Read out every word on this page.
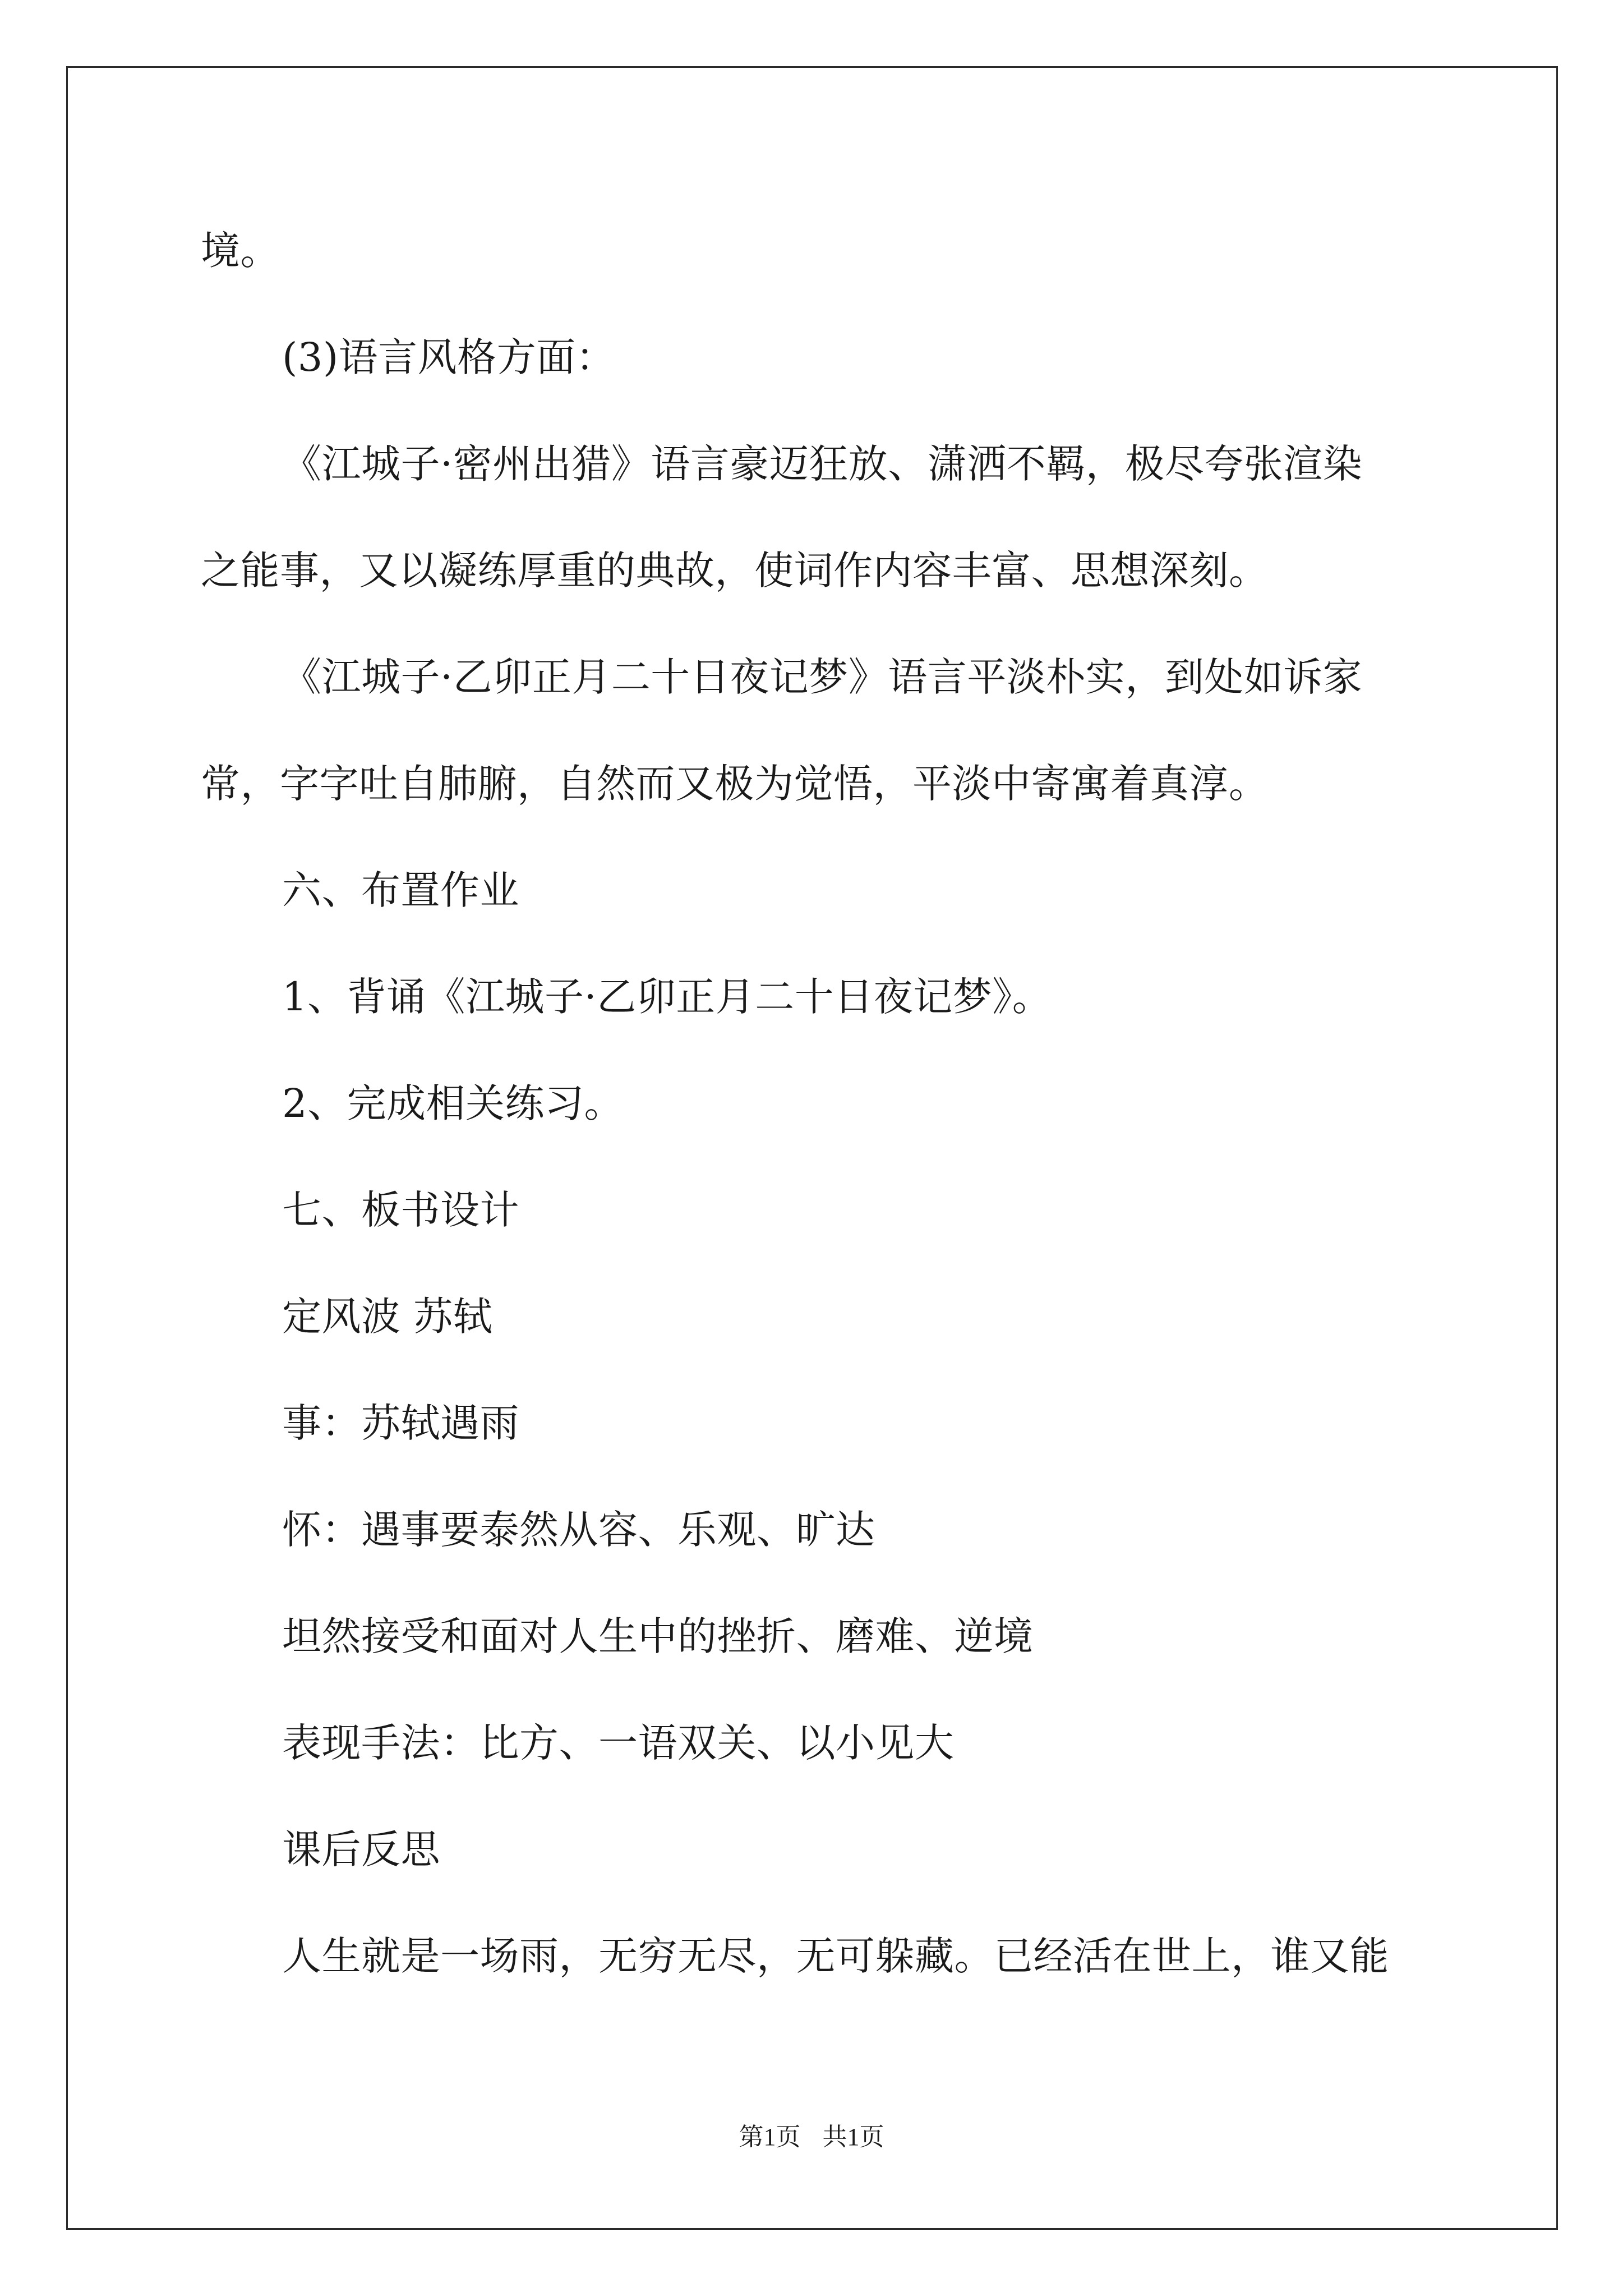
境。
(3)语言风格方面：
《江城子·密州出猎》语言豪迈狂放、潇洒不羁，极尽夸张渲染
之能事，又以凝练厚重的典故，使词作内容丰富、思想深刻。
《江城子·乙卯正月二十日夜记梦》语言平淡朴实，到处如诉家
常，字字吐自肺腑，自然而又极为觉悟，平淡中寄寓着真淳。
六、布置作业
1、背诵《江城子·乙卯正月二十日夜记梦》。
2、完成相关练习。
七、板书设计
定风波 苏轼
事：苏轼遇雨
怀：遇事要泰然从容、乐观、旷达
坦然接受和面对人生中的挫折、磨难、逆境
表现手法：比方、一语双关、以小见大
课后反思
人生就是一场雨，无穷无尽，无可躲藏。已经活在世上，谁又能
第1页 共1页
